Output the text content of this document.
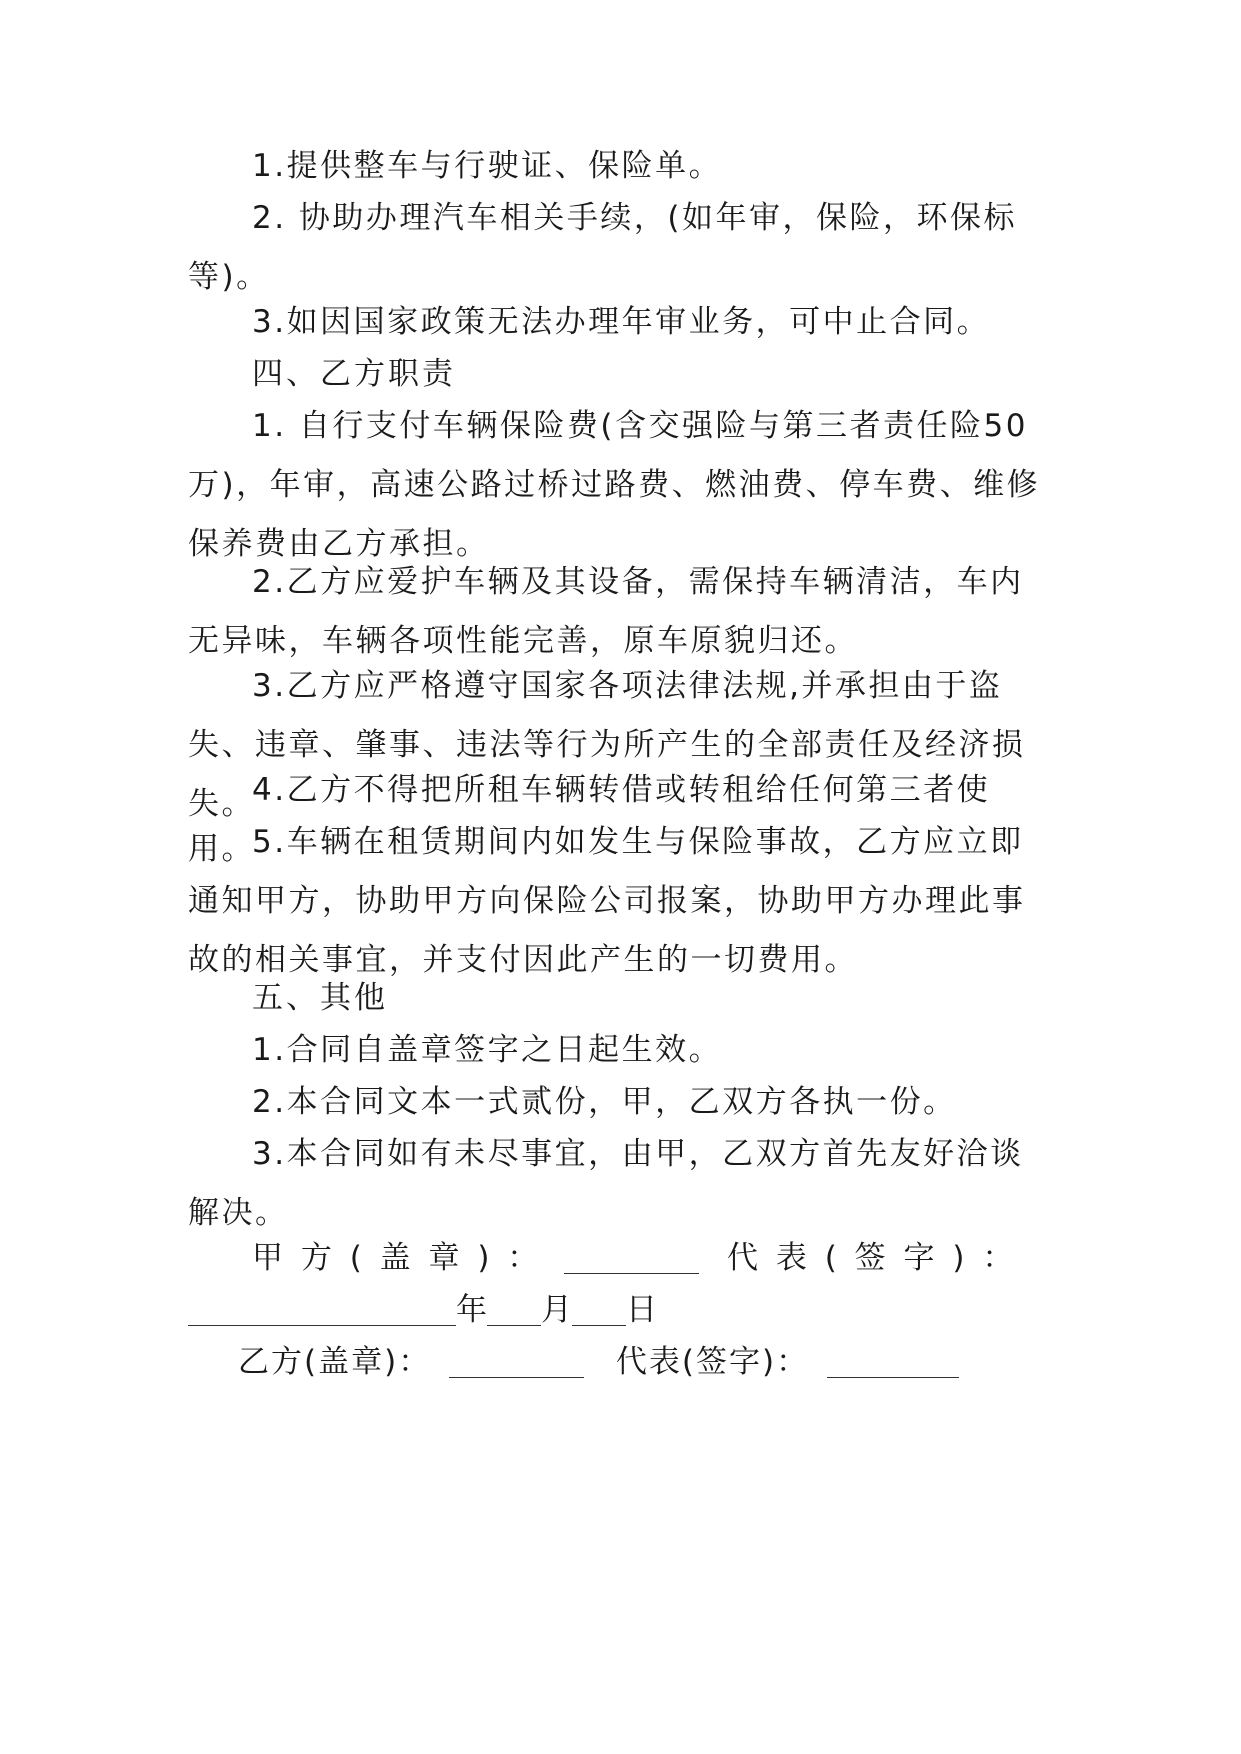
1.提供整车与行驶证、保险单。

2. 协助办理汽车相关手续，(如年审，保险，环保标等)。

3.如因国家政策无法办理年审业务，可中止合同。

四、乙方职责

1. 自行支付车辆保险费(含交强险与第三者责任险50万)，年审，高速公路过桥过路费、燃油费、停车费、维修保养费由乙方承担。

2.乙方应爱护车辆及其设备，需保持车辆清洁，车内无异味，车辆各项性能完善，原车原貌归还。

3.乙方应严格遵守国家各项法律法规,并承担由于盗失、违章、肇事、违法等行为所产生的全部责任及经济损失。

4.乙方不得把所租车辆转借或转租给任何第三者使用。

5.车辆在租赁期间内如发生与保险事故，乙方应立即通知甲方，协助甲方向保险公司报案，协助甲方办理此事故的相关事宜，并支付因此产生的一切费用。

五、其他

1.合同自盖章签字之日起生效。

2.本合同文本一式贰份，甲，乙双方各执一份。

3.本合同如有未尽事宜，由甲，乙双方首先友好洽谈解决。

甲 方 ( 盖 章 ) ：	代 表 ( 签 字 ) ：
年 月 日
乙方(盖章)：	代表(签字)：
